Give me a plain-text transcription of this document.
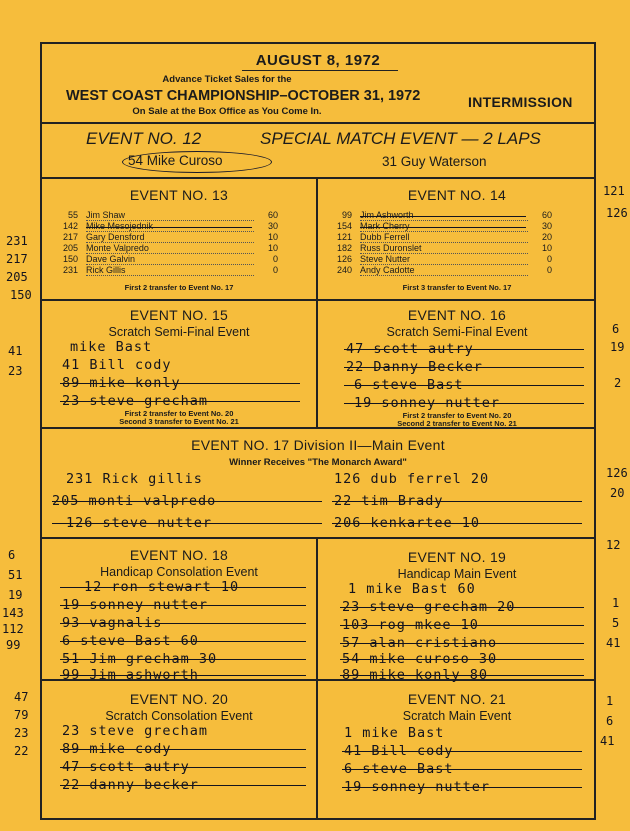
AUGUST 8, 1972
Advance Ticket Sales for the
WEST COAST CHAMPIONSHIP–OCTOBER 31, 1972
On Sale at the Box Office as You Come In.
INTERMISSION
EVENT NO. 12	SPECIAL MATCH EVENT — 2 LAPS
54 Mike Curoso	31 Guy Waterson
EVENT NO. 13
55 Jim Shaw	60
142 Mike Mesojednik	30
217 Gary Densford	10
205 Monte Valpredo	10
150 Dave Galvin	0
231 Rick Gillis	0
First 2 transfer to Event No. 17
EVENT NO. 14
99 Jim Ashworth	60
154 Mark Cherry	30
121 Dubb Ferrell	20
182 Russ Duronslet	10
126 Steve Nutter	0
240 Andy Cadotte	0
First 3 transfer to Event No. 17
EVENT NO. 15
Scratch Semi-Final Event
mike Bast
41 Bill cody
89 mike konly
23 steve grecham
First 2 transfer to Event No. 20
Second 3 transfer to Event No. 21
EVENT NO. 16
Scratch Semi-Final Event
47 scott autry
22 Danny Becker
6 steve Bast
19 sonney nutter
First 2 transfer to Event No. 20
Second 2 transfer to Event No. 21
EVENT NO. 17 Division II—Main Event
Winner Receives "The Monarch Award"
231 Rick gillis
205 monti valpredo
126 steve nutter
126 dub ferrel 20
22 tim Brady
206 kenkartee 10
EVENT NO. 18
Handicap Consolation Event
12 ron stewart 10
19 sonney nutter
93 vagnalis
6 steve Bast 60
51 Jim grecham 30
99 Jim ashworth
EVENT NO. 19
Handicap Main Event
1 mike Bast 60
23 steve grecham 20
103 rog mkee 10
57 alan cristiano
54 mike curoso 30
89 mike konly 80
EVENT NO. 20
Scratch Consolation Event
23 steve grecham
89 mike cody
47 scott autry
22 danny becker
EVENT NO. 21
Scratch Main Event
1 mike Bast
41 Bill cody
6 steve Bast
19 sonney nutter
231
217
205
150
41
23
6
51
19
143
112
99
47
79
23
22
121
126
6
19
2
126
20
12
1
5
41
1
6
41
